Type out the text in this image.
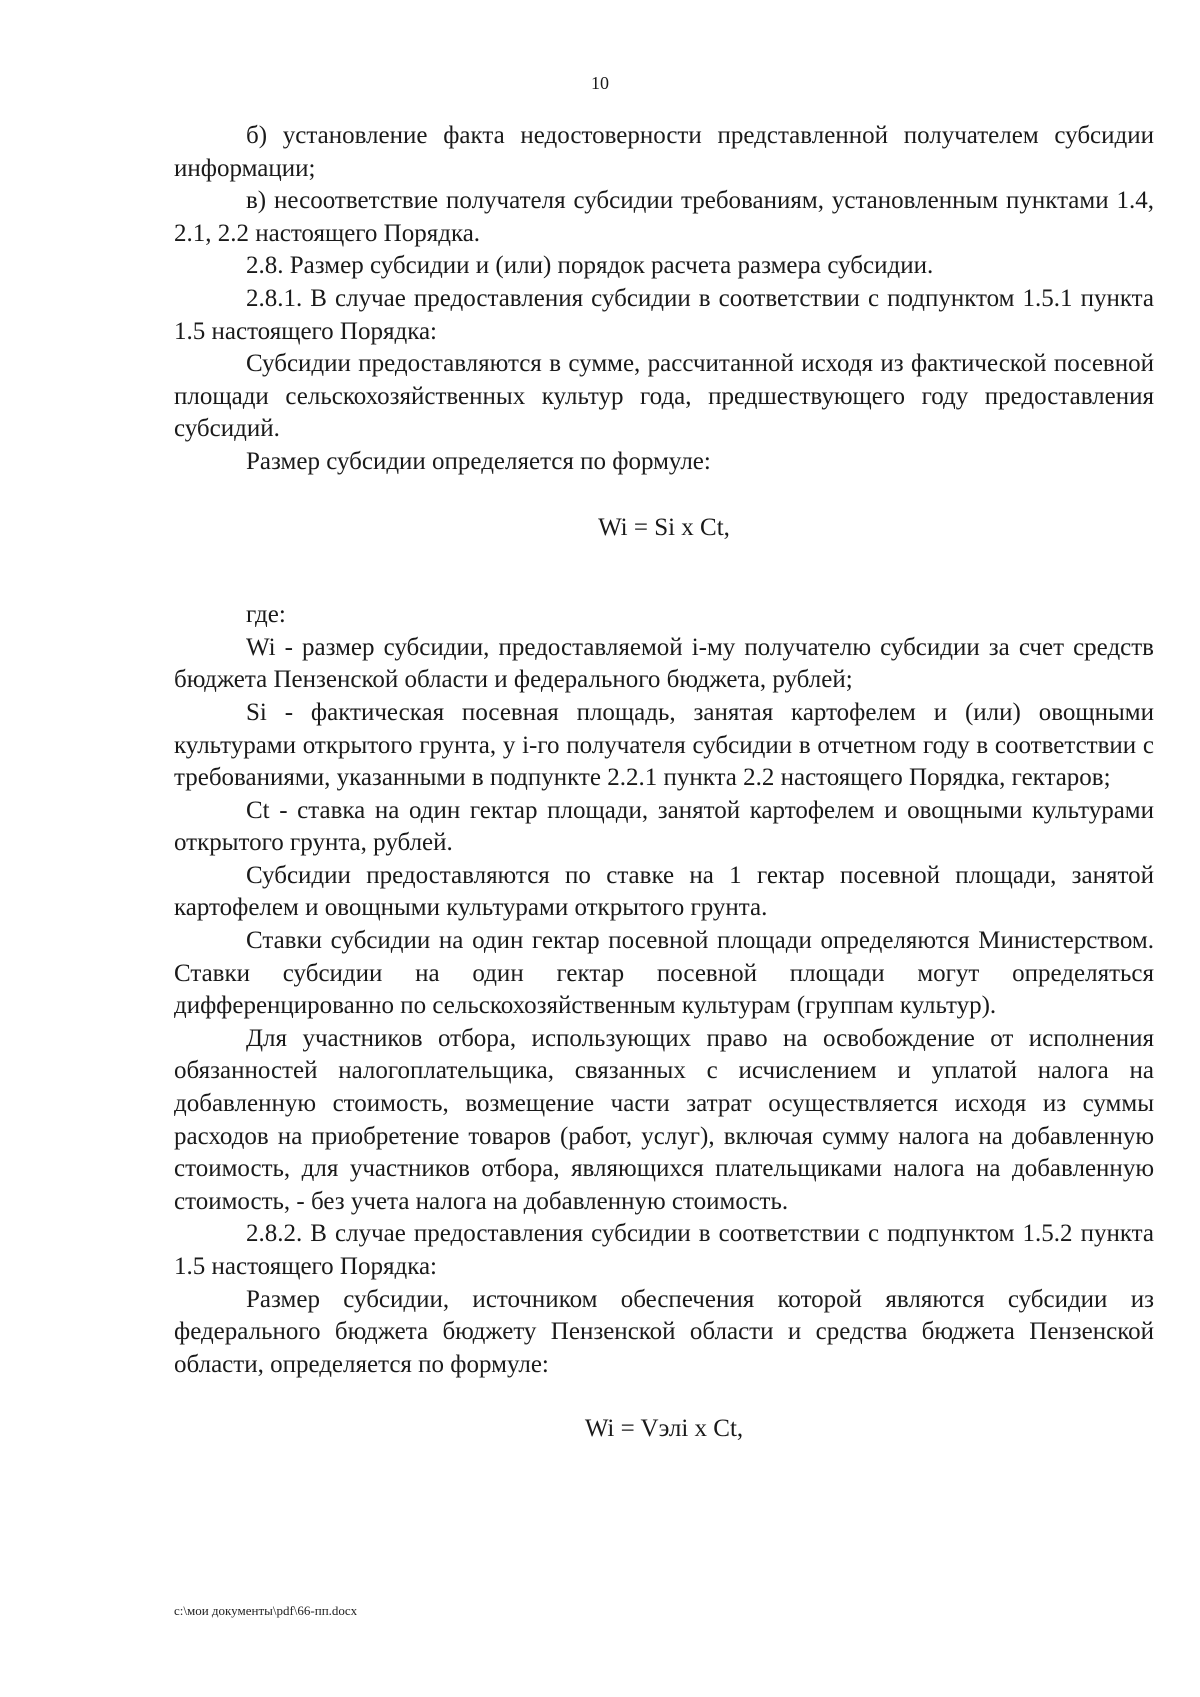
10

б) установление факта недостоверности представленной получателем субсидии информации;

в) несоответствие получателя субсидии требованиям, установленным пунктами 1.4, 2.1, 2.2 настоящего Порядка.

2.8. Размер субсидии и (или) порядок расчета размера субсидии.

2.8.1. В случае предоставления субсидии в соответствии с подпунктом 1.5.1 пункта 1.5 настоящего Порядка:

Субсидии предоставляются в сумме, рассчитанной исходя из фактической посевной площади сельскохозяйственных культур года, предшествующего году предоставления субсидий.

Размер субсидии определяется по формуле:

Wi = Si x Ct,

где:

Wi - размер субсидии, предоставляемой i-му получателю субсидии за счет средств бюджета Пензенской области и федерального бюджета, рублей;

Si - фактическая посевная площадь, занятая картофелем и (или) овощными культурами открытого грунта, у i-го получателя субсидии в отчетном году в соответствии с требованиями, указанными в подпункте 2.2.1 пункта 2.2 настоящего Порядка, гектаров;

Ct - ставка на один гектар площади, занятой картофелем и овощными культурами открытого грунта, рублей.

Субсидии предоставляются по ставке на 1 гектар посевной площади, занятой картофелем и овощными культурами открытого грунта.

Ставки субсидии на один гектар посевной площади определяются Министерством. Ставки субсидии на один гектар посевной площади могут определяться дифференцированно по сельскохозяйственным культурам (группам культур).

Для участников отбора, использующих право на освобождение от исполнения обязанностей налогоплательщика, связанных с исчислением и уплатой налога на добавленную стоимость, возмещение части затрат осуществляется исходя из суммы расходов на приобретение товаров (работ, услуг), включая сумму налога на добавленную стоимость, для участников отбора, являющихся плательщиками налога на добавленную стоимость, - без учета налога на добавленную стоимость.

2.8.2. В случае предоставления субсидии в соответствии с подпунктом 1.5.2 пункта 1.5 настоящего Порядка:

Размер субсидии, источником обеспечения которой являются субсидии из федерального бюджета бюджету Пензенской области и средства бюджета Пензенской области, определяется по формуле:

Wi = Vэлi x Ct,

c:\мои документы\pdf\66-пп.docx
